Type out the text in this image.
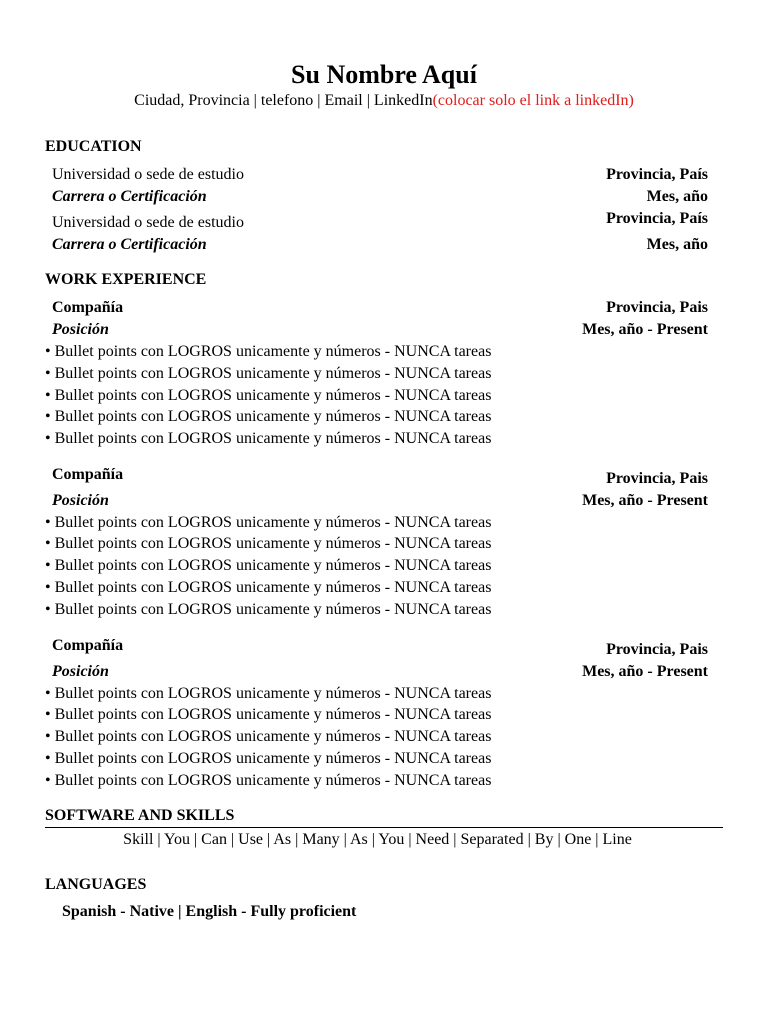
Su Nombre Aquí
Ciudad, Provincia | telefono | Email | LinkedIn(colocar solo el link a linkedIn)
EDUCATION
Universidad o sede de estudio	Provincia, País
Carrera o Certificación	Mes, año
Universidad o sede de estudio	Provincia, País
Carrera o Certificación	Mes, año
WORK EXPERIENCE
Compañía	Provincia, Pais
Posición	Mes, año - Present
• Bullet points con LOGROS unicamente y números - NUNCA tareas
• Bullet points con LOGROS unicamente y números - NUNCA tareas
• Bullet points con LOGROS unicamente y números - NUNCA tareas
• Bullet points con LOGROS unicamente y números - NUNCA tareas
• Bullet points con LOGROS unicamente y números - NUNCA tareas
Compañía	Provincia, Pais
Posición	Mes, año - Present
• Bullet points con LOGROS unicamente y números - NUNCA tareas
• Bullet points con LOGROS unicamente y números - NUNCA tareas
• Bullet points con LOGROS unicamente y números - NUNCA tareas
• Bullet points con LOGROS unicamente y números - NUNCA tareas
• Bullet points con LOGROS unicamente y números - NUNCA tareas
Compañía	Provincia, Pais
Posición	Mes, año - Present
• Bullet points con LOGROS unicamente y números - NUNCA tareas
• Bullet points con LOGROS unicamente y números - NUNCA tareas
• Bullet points con LOGROS unicamente y números - NUNCA tareas
• Bullet points con LOGROS unicamente y números - NUNCA tareas
• Bullet points con LOGROS unicamente y números - NUNCA tareas
SOFTWARE AND SKILLS
Skill | You | Can | Use | As | Many | As | You | Need | Separated | By | One | Line
LANGUAGES
Spanish - Native | English - Fully proficient
